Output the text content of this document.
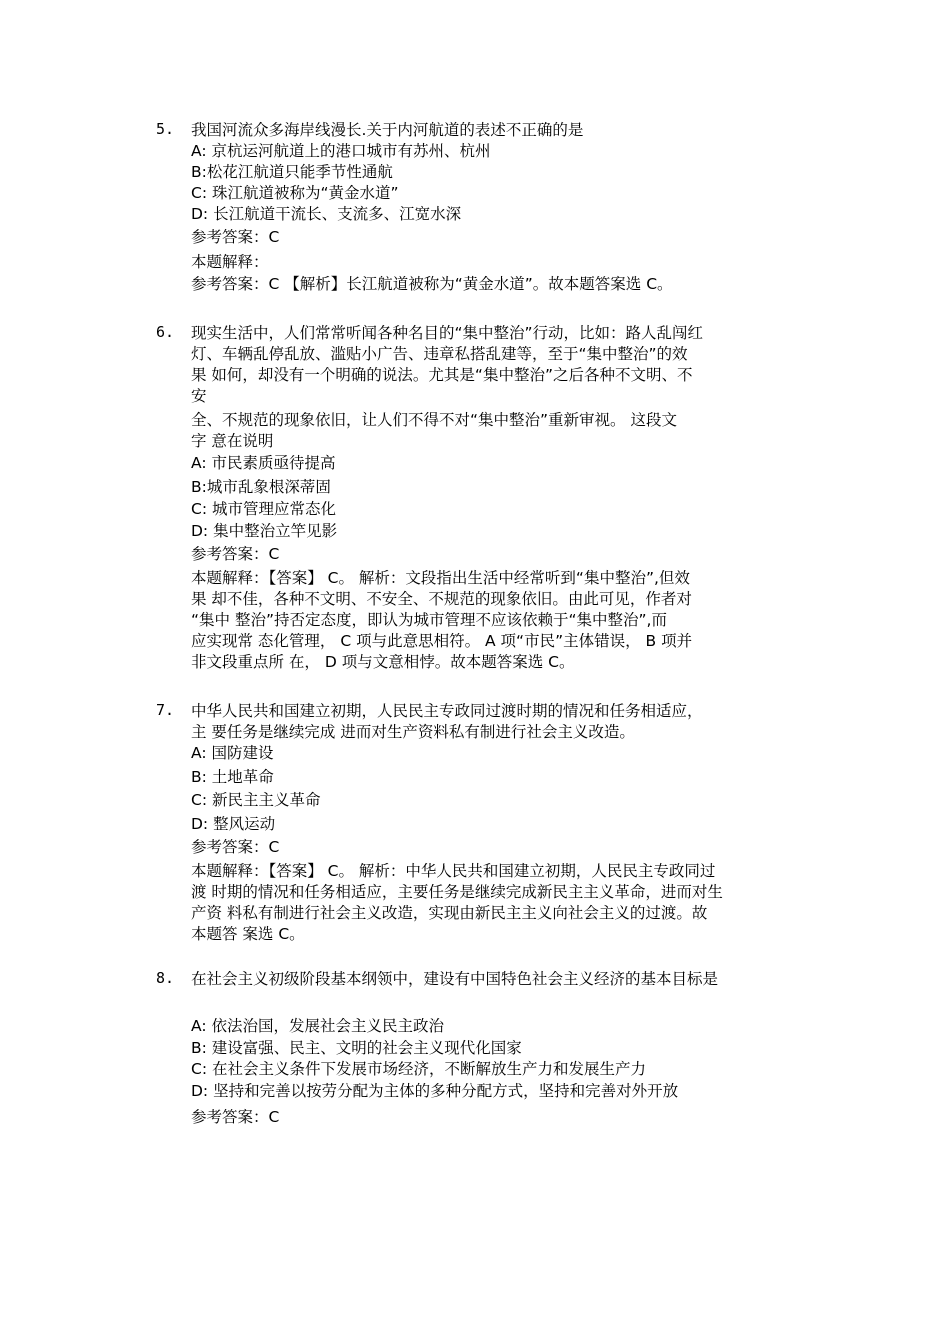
5. 我国河流众多海岸线漫长.关于内河航道的表述不正确的是
A: 京杭运河航道上的港口城市有苏州、杭州
B:松花江航道只能季节性通航
C: 珠江航道被称为“黄金水道”
D: 长江航道干流长、支流多、江宽水深
参考答案：C
本题解释：
参考答案：C 【解析】长江航道被称为“黄金水道”。故本题答案选 C。
6. 现实生活中，人们常常听闻各种名目的“集中整治”行动，比如：路人乱闯红
灯、车辆乱停乱放、滥贴小广告、违章私搭乱建等，至于“集中整治”的效
果 如何，却没有一个明确的说法。尤其是“集中整治”之后各种不文明、不
安
全、不规范的现象依旧，让人们不得不对“集中整治”重新审视。 这段文
字 意在说明
A: 市民素质亟待提高
B:城市乱象根深蒂固
C: 城市管理应常态化
D: 集中整治立竿见影
参考答案：C
本题解释：【答案】 C。 解析：文段指出生活中经常听到“集中整治”,但效
果 却不佳，各种不文明、不安全、不规范的现象依旧。由此可见，作者对
“集中 整治”持否定态度，即认为城市管理不应该依赖于“集中整治”,而
应实现常 态化管理， C 项与此意思相符。 A 项“市民”主体错误， B 项并
非文段重点所 在， D 项与文意相悖。故本题答案选 C。
7. 中华人民共和国建立初期，人民民主专政同过渡时期的情况和任务相适应，
主 要任务是继续完成 进而对生产资料私有制进行社会主义改造。
A: 国防建设
B: 土地革命
C: 新民主主义革命
D: 整风运动
参考答案：C
本题解释：【答案】 C。 解析：中华人民共和国建立初期，人民民主专政同过
渡 时期的情况和任务相适应，主要任务是继续完成新民主主义革命，进而对生
产资 料私有制进行社会主义改造，实现由新民主主义向社会主义的过渡。故
本题答 案选 C。
8. 在社会主义初级阶段基本纲领中，建设有中国特色社会主义经济的基本目标是
A: 依法治国，发展社会主义民主政治
B: 建设富强、民主、文明的社会主义现代化国家
C: 在社会主义条件下发展市场经济，不断解放生产力和发展生产力
D: 坚持和完善以按劳分配为主体的多种分配方式，坚持和完善对外开放
参考答案：C
